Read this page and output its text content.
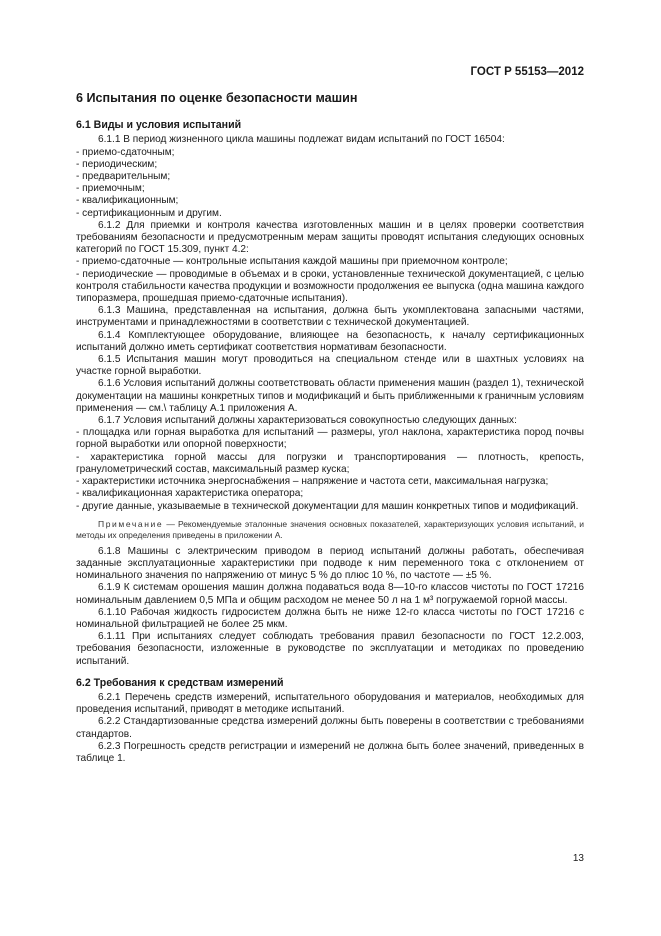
ГОСТ Р 55153—2012
6 Испытания по оценке безопасности машин
6.1 Виды и условия испытаний

6.1.1 В период жизненного цикла машины подлежат видам испытаний по ГОСТ 16504:

- приемо-сдаточным;

- периодическим;

- предварительным;

- приемочным;

- квалификационным;

- сертификационным и другим.

6.1.2 Для приемки и контроля качества изготовленных машин и в целях проверки соответствия требованиям безопасности и предусмотренным мерам защиты проводят испытания следующих основных категорий по ГОСТ 15.309, пункт 4.2:

- приемо-сдаточные — контрольные испытания каждой машины при приемочном контроле;

- периодические — проводимые в объемах и в сроки, установленные технической документацией, с целью контроля стабильности качества продукции и возможности продолжения ее выпуска (одна машина каждого типоразмера, прошедшая приемо-сдаточные испытания).

6.1.3 Машина, представленная на испытания, должна быть укомплектована запасными частями, инструментами и принадлежностями в соответствии с технической документацией.

6.1.4 Комплектующее оборудование, влияющее на безопасность, к началу сертификационных испытаний должно иметь сертификат соответствия нормативам безопасности.

6.1.5 Испытания машин могут проводиться на специальном стенде или в шахтных условиях на участке горной выработки.

6.1.6 Условия испытаний должны соответствовать области применения машин (раздел 1), технической документации на машины конкретных типов и модификаций и быть приближенными к граничным условиям применения — см.\ таблицу А.1 приложения А.

6.1.7 Условия испытаний должны характеризоваться совокупностью следующих данных:

- площадка или горная выработка для испытаний — размеры, угол наклона, характеристика пород почвы горной выработки или опорной поверхности;

- характеристика горной массы для погрузки и транспортирования — плотность, крепость, гранулометрический состав, максимальный размер куска;

- характеристики источника энергоснабжения – напряжение и частота сети, максимальная нагрузка;

- квалификационная характеристика оператора;

- другие данные, указываемые в технической документации для машин конкретных типов и модификаций.

Примечание — Рекомендуемые эталонные значения основных показателей, характеризующих условия испытаний, и методы их определения приведены в приложении А.

6.1.8 Машины с электрическим приводом в период испытаний должны работать, обеспечивая заданные эксплуатационные характеристики при подводе к ним переменного тока с отклонением от номинального значения по напряжению от минус 5 % до плюс 10 %, по частоте — ±5 %.

6.1.9 К системам орошения машин должна подаваться вода 8—10-го классов чистоты по ГОСТ 17216 номинальным давлением 0,5 МПа и общим расходом не менее 50 л на 1 м³ погружаемой горной массы.

6.1.10 Рабочая жидкость гидросистем должна быть не ниже 12-го класса чистоты по ГОСТ 17216 с номинальной фильтрацией не более 25 мкм.

6.1.11 При испытаниях следует соблюдать требования правил безопасности по ГОСТ 12.2.003, требования безопасности, изложенные в руководстве по эксплуатации и методиках по проведению испытаний.

6.2 Требования к средствам измерений

6.2.1 Перечень средств измерений, испытательного оборудования и материалов, необходимых для проведения испытаний, приводят в методике испытаний.

6.2.2 Стандартизованные средства измерений должны быть поверены в соответствии с требованиями стандартов.

6.2.3 Погрешность средств регистрации и измерений не должна быть более значений, приведенных в таблице 1.

13
